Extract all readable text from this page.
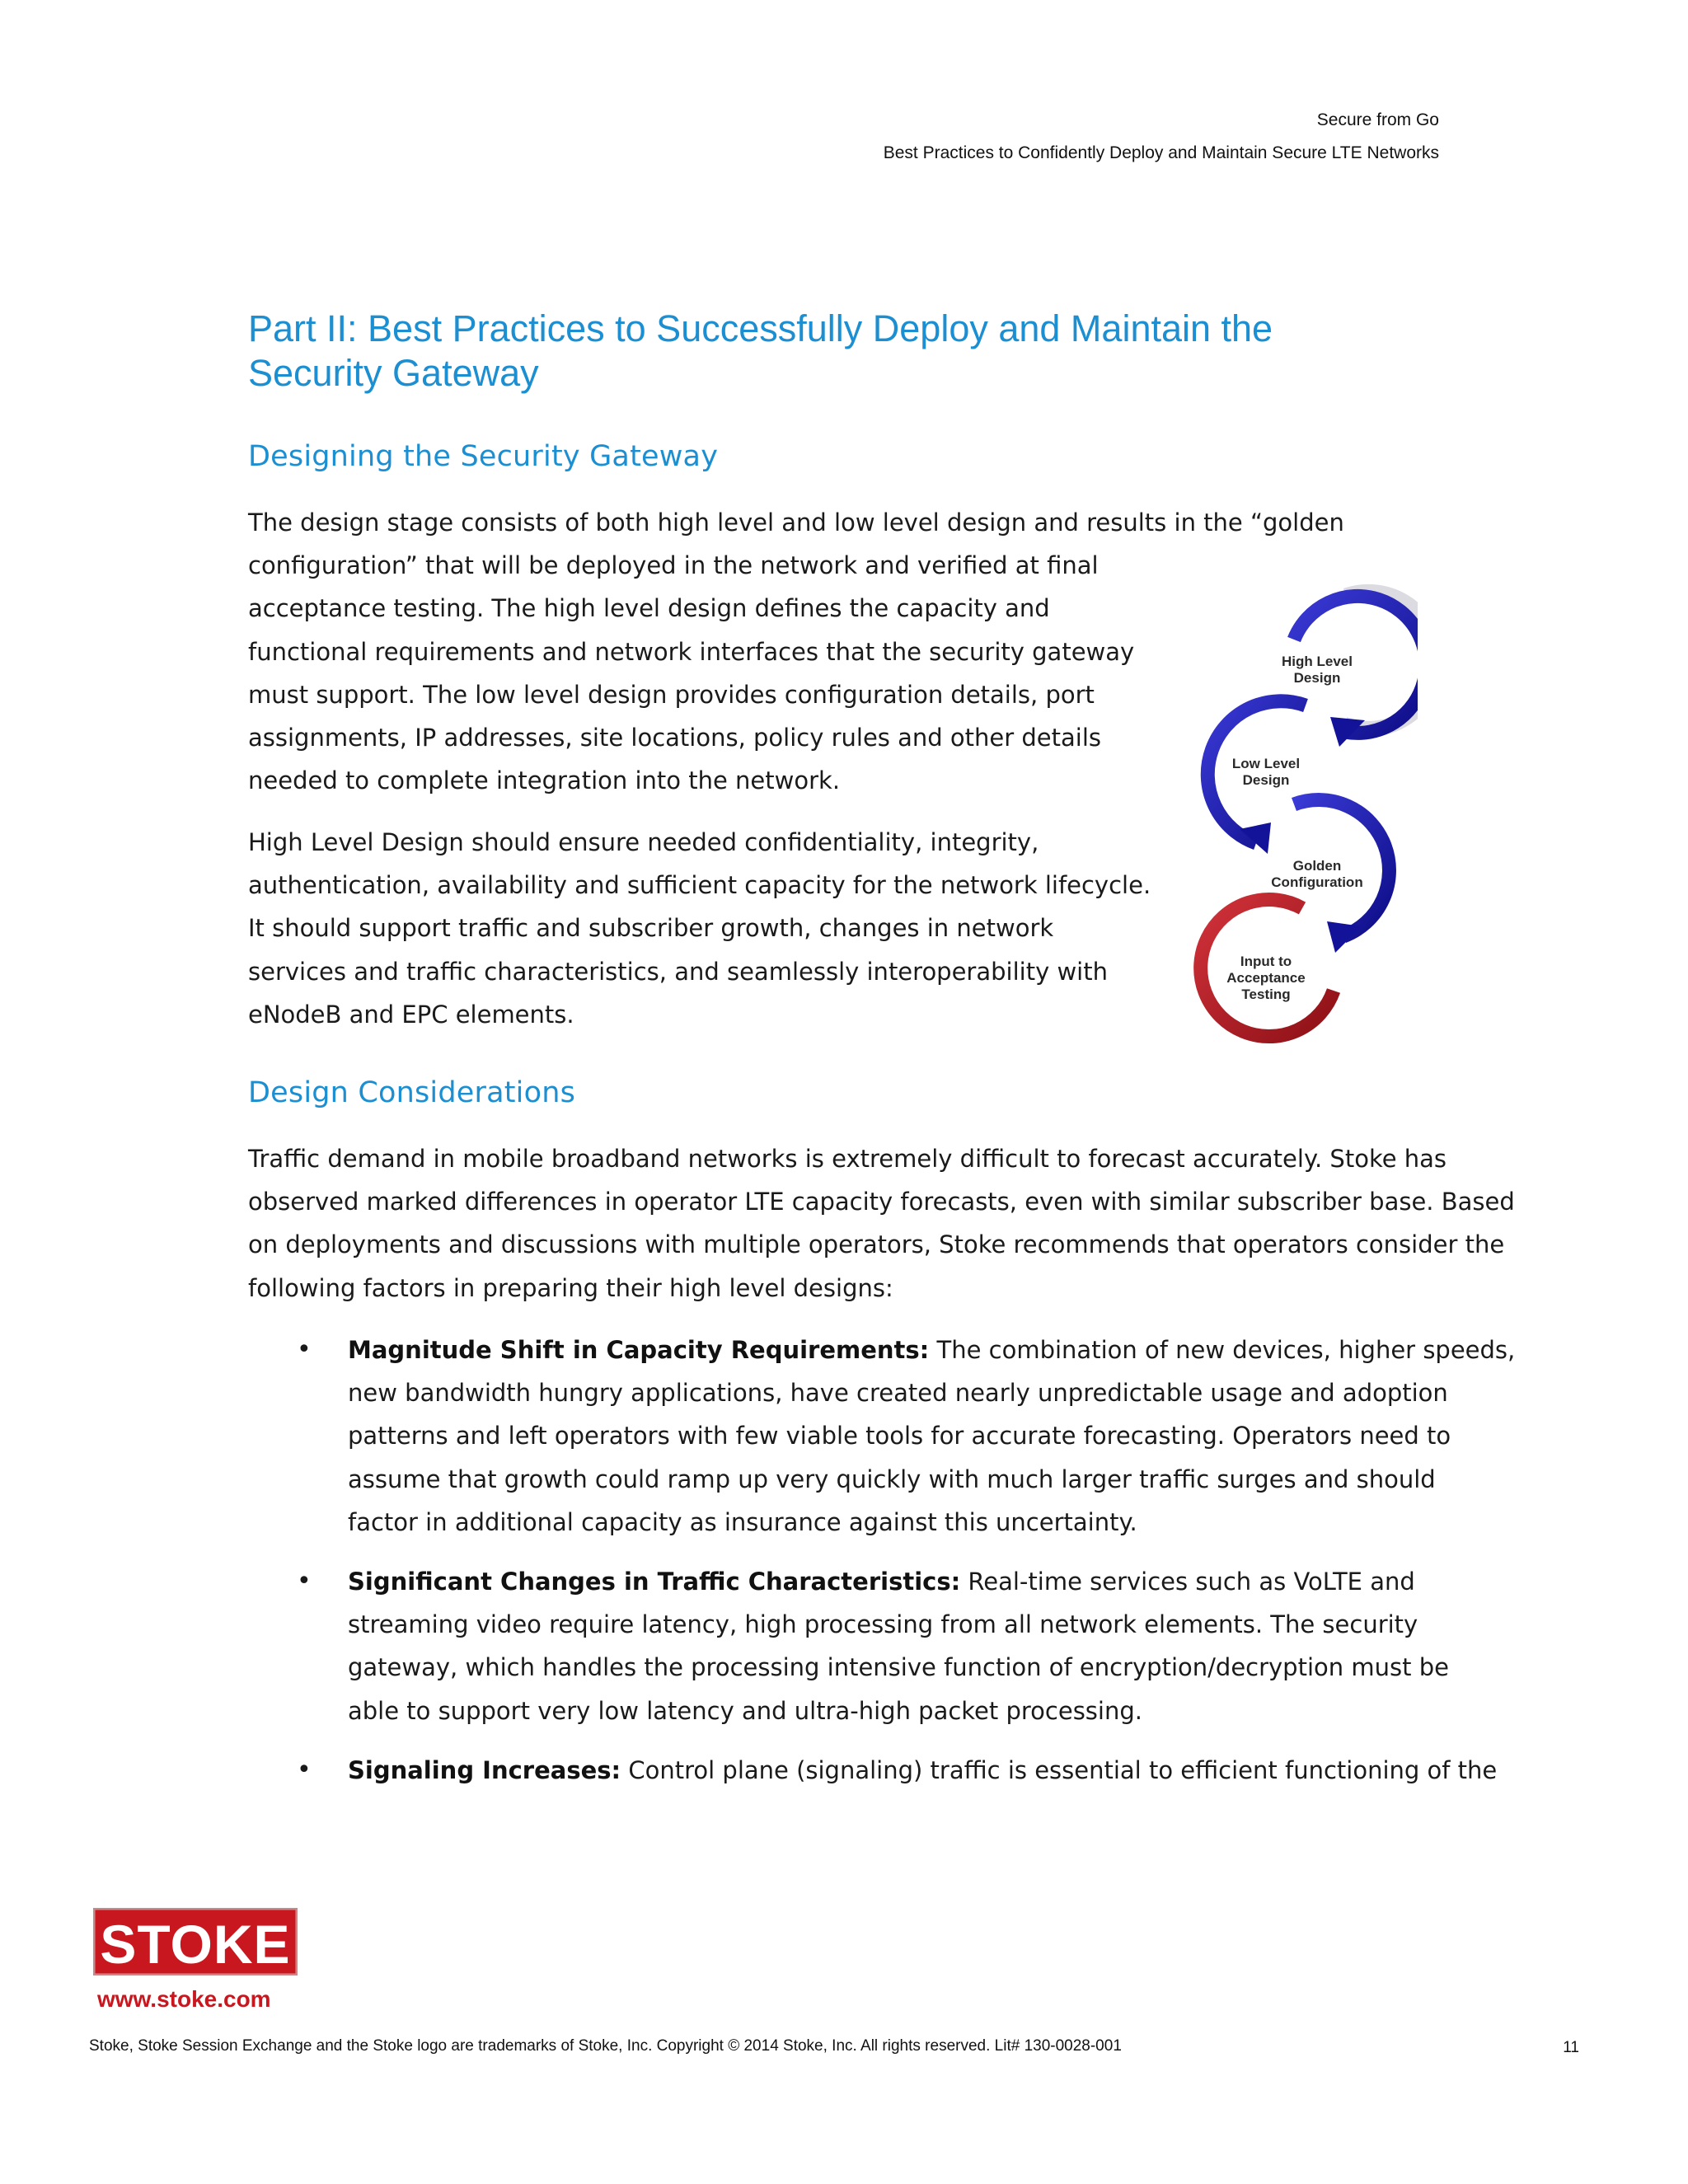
Secure from Go
Best Practices to Confidently Deploy and Maintain Secure LTE Networks
Part II: Best Practices to Successfully Deploy and Maintain the
Security Gateway
Designing the Security Gateway
The design stage consists of both high level and low level design and results in the “golden
configuration” that will be deployed in the network and verified at final
acceptance testing. The high level design defines the capacity and
functional requirements and network interfaces that the security gateway
must support. The low level design provides configuration details, port
assignments, IP addresses, site locations, policy rules and other details
needed to complete integration into the network.
High Level Design should ensure needed confidentiality, integrity,
authentication, availability and sufficient capacity for the network lifecycle.
It should support traffic and subscriber growth, changes in network
services and traffic characteristics, and seamlessly interoperability with
eNodeB and EPC elements.
High Level
Design
Low Level
Design
Golden
Configuration
Input to
Acceptance
Testing
Design Considerations
Traffic demand in mobile broadband networks is extremely difficult to forecast accurately. Stoke has
observed marked differences in operator LTE capacity forecasts, even with similar subscriber base. Based
on deployments and discussions with multiple operators, Stoke recommends that operators consider the
following factors in preparing their high level designs:
• Magnitude Shift in Capacity Requirements: The combination of new devices, higher speeds,
new bandwidth hungry applications, have created nearly unpredictable usage and adoption
patterns and left operators with few viable tools for accurate forecasting. Operators need to
assume that growth could ramp up very quickly with much larger traffic surges and should
factor in additional capacity as insurance against this uncertainty.
• Significant Changes in Traffic Characteristics: Real-time services such as VoLTE and
streaming video require latency, high processing from all network elements. The security
gateway, which handles the processing intensive function of encryption/decryption must be
able to support very low latency and ultra-high packet processing.
• Signaling Increases: Control plane (signaling) traffic is essential to efficient functioning of the
STOKE
www.stoke.com
Stoke, Stoke Session Exchange and the Stoke logo are trademarks of Stoke, Inc. Copyright © 2014 Stoke, Inc. All rights reserved. Lit# 130-0028-001	11
